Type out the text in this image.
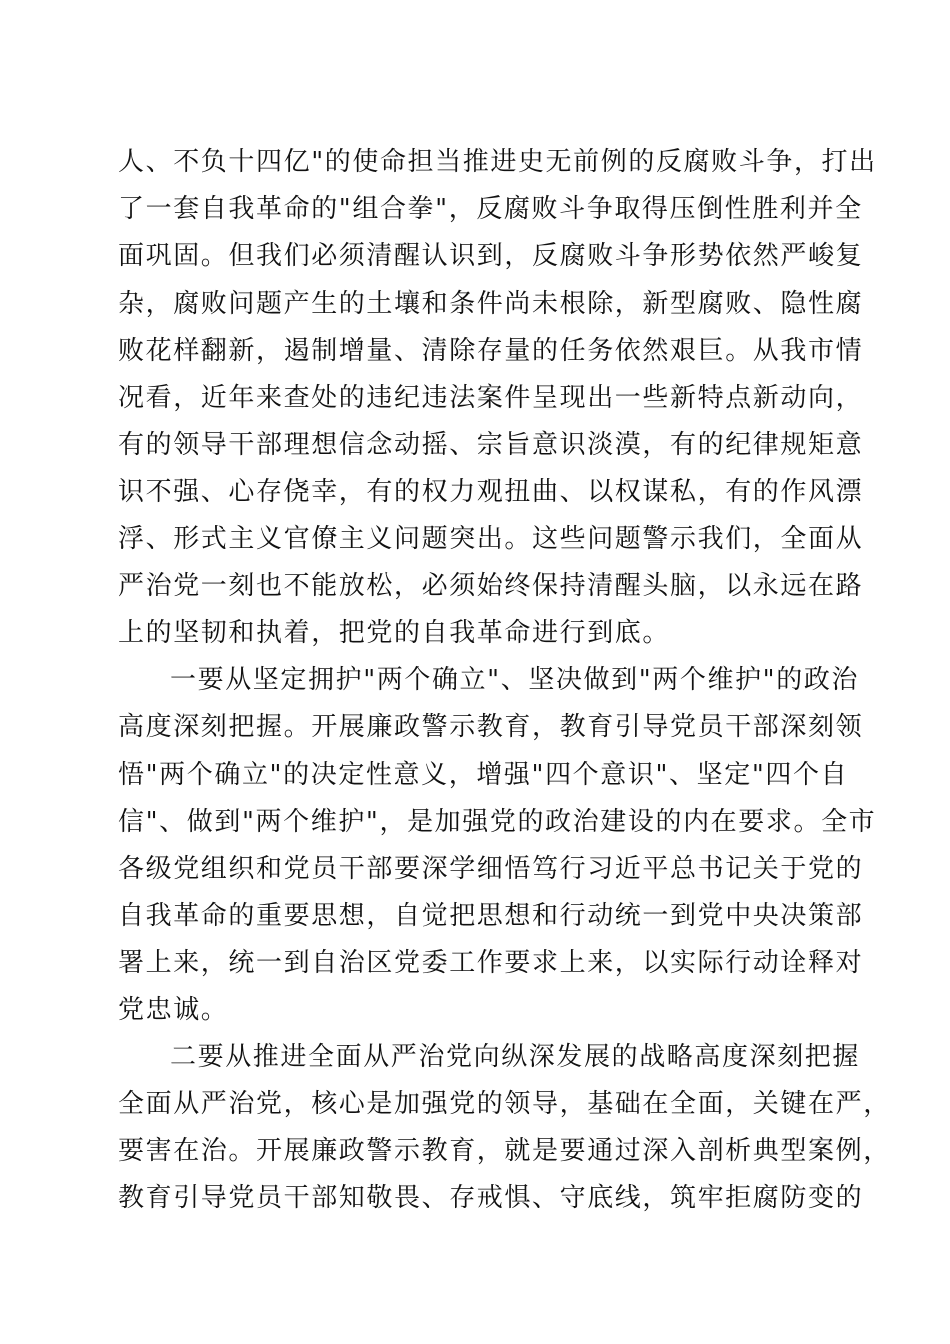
人、不负十四亿"的使命担当推进史无前例的反腐败斗争，打出
了一套自我革命的"组合拳"，反腐败斗争取得压倒性胜利并全
面巩固。但我们必须清醒认识到，反腐败斗争形势依然严峻复
杂，腐败问题产生的土壤和条件尚未根除，新型腐败、隐性腐
败花样翻新，遏制增量、清除存量的任务依然艰巨。从我市情
况看，近年来查处的违纪违法案件呈现出一些新特点新动向，
有的领导干部理想信念动摇、宗旨意识淡漠，有的纪律规矩意
识不强、心存侥幸，有的权力观扭曲、以权谋私，有的作风漂
浮、形式主义官僚主义问题突出。这些问题警示我们，全面从
严治党一刻也不能放松，必须始终保持清醒头脑，以永远在路
上的坚韧和执着，把党的自我革命进行到底。
一要从坚定拥护"两个确立"、坚决做到"两个维护"的政治
高度深刻把握。开展廉政警示教育，教育引导党员干部深刻领
悟"两个确立"的决定性意义，增强"四个意识"、坚定"四个自
信"、做到"两个维护"，是加强党的政治建设的内在要求。全市
各级党组织和党员干部要深学细悟笃行习近平总书记关于党的
自我革命的重要思想，自觉把思想和行动统一到党中央决策部
署上来，统一到自治区党委工作要求上来，以实际行动诠释对
党忠诚。
二要从推进全面从严治党向纵深发展的战略高度深刻把握
全面从严治党，核心是加强党的领导，基础在全面，关键在严，
要害在治。开展廉政警示教育，就是要通过深入剖析典型案例，
教育引导党员干部知敬畏、存戒惧、守底线，筑牢拒腐防变的
